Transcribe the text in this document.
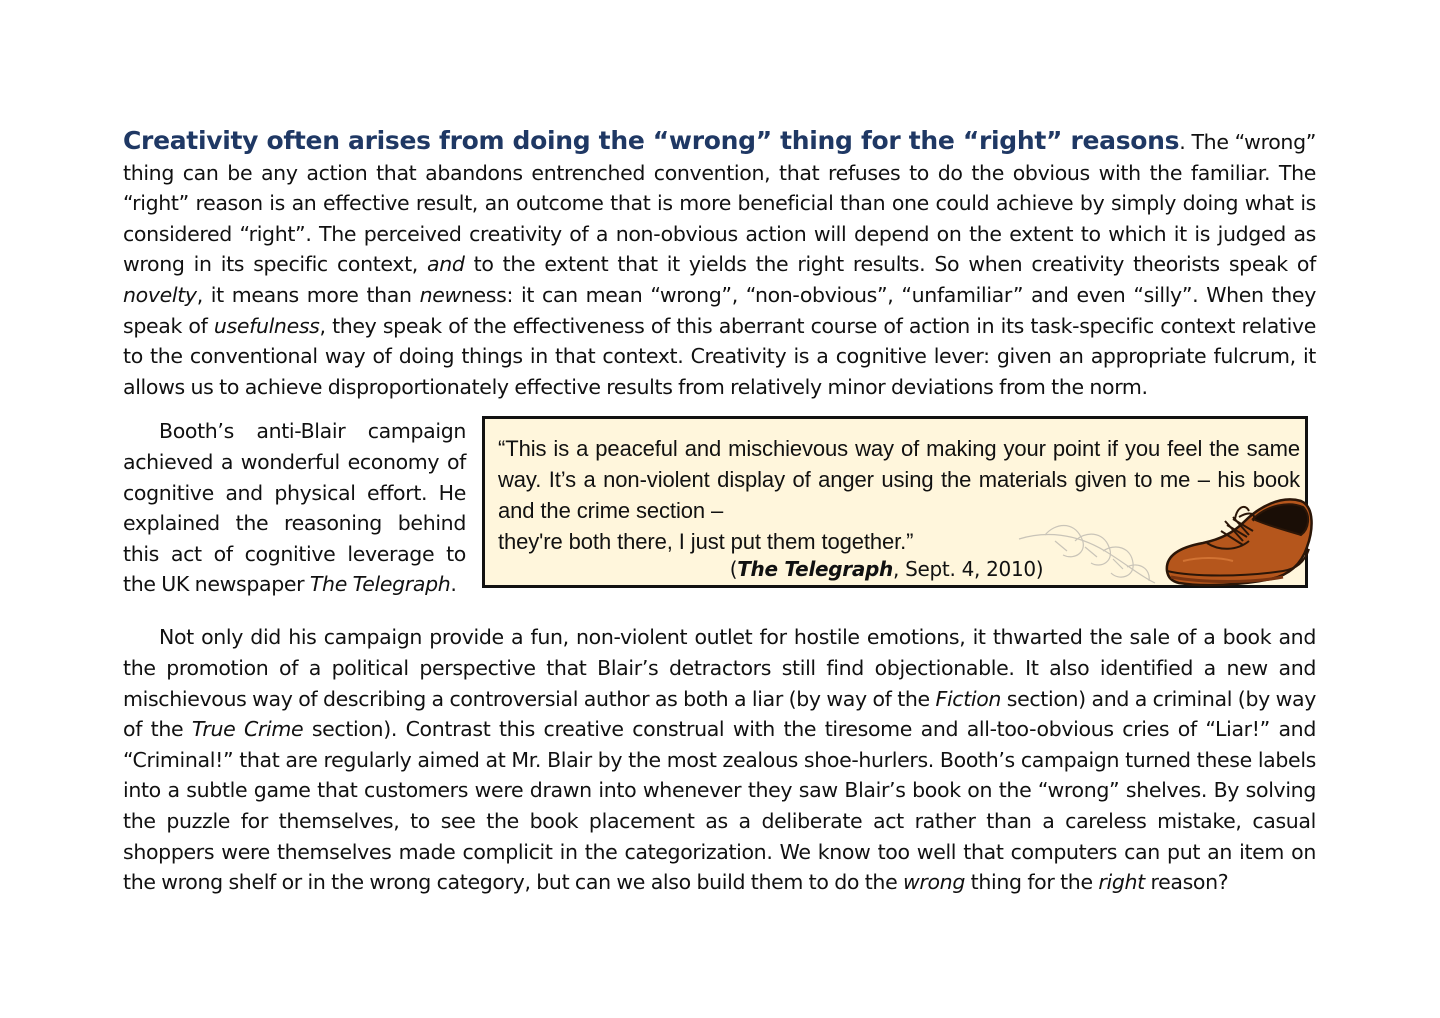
Creativity often arises from doing the “wrong” thing for the “right” reasons. The “wrong” thing can be any action that abandons entrenched convention, that refuses to do the obvious with the familiar. The “right” reason is an effective result, an outcome that is more beneficial than one could achieve by simply doing what is considered “right”. The perceived creativity of a non-obvious action will depend on the extent to which it is judged as wrong in its specific context, and to the extent that it yields the right results. So when creativity theorists speak of novelty, it means more than newness: it can mean “wrong”, “non-obvious”, “unfamiliar” and even “silly”. When they speak of usefulness, they speak of the effectiveness of this aberrant course of action in its task-specific context relative to the conventional way of doing things in that context. Creativity is a cognitive lever: given an appropriate fulcrum, it allows us to achieve disproportionately effective results from relatively minor deviations from the norm.

Booth’s anti-Blair campaign achieved a wonderful economy of cognitive and physical effort. He explained the reasoning behind this act of cognitive leverage to the UK newspaper The Telegraph.

“This is a peaceful and mischievous way of making your point if you feel the same way. It’s a non-violent display of anger using the materials given to me – his book and the crime section –
they're both there, I just put them together.”

(The Telegraph, Sept. 4, 2010)

Not only did his campaign provide a fun, non-violent outlet for hostile emotions, it thwarted the sale of a book and the promotion of a political perspective that Blair’s detractors still find objectionable. It also identified a new and mischievous way of describing a controversial author as both a liar (by way of the Fiction section) and a criminal (by way of the True Crime section). Contrast this creative construal with the tiresome and all-too-obvious cries of “Liar!” and “Criminal!” that are regularly aimed at Mr. Blair by the most zealous shoe-hurlers. Booth’s campaign turned these labels into a subtle game that customers were drawn into whenever they saw Blair’s book on the “wrong” shelves. By solving the puzzle for themselves, to see the book placement as a deliberate act rather than a careless mistake, casual shoppers were themselves made complicit in the categorization. We know too well that computers can put an item on the wrong shelf or in the wrong category, but can we also build them to do the wrong thing for the right reason?
